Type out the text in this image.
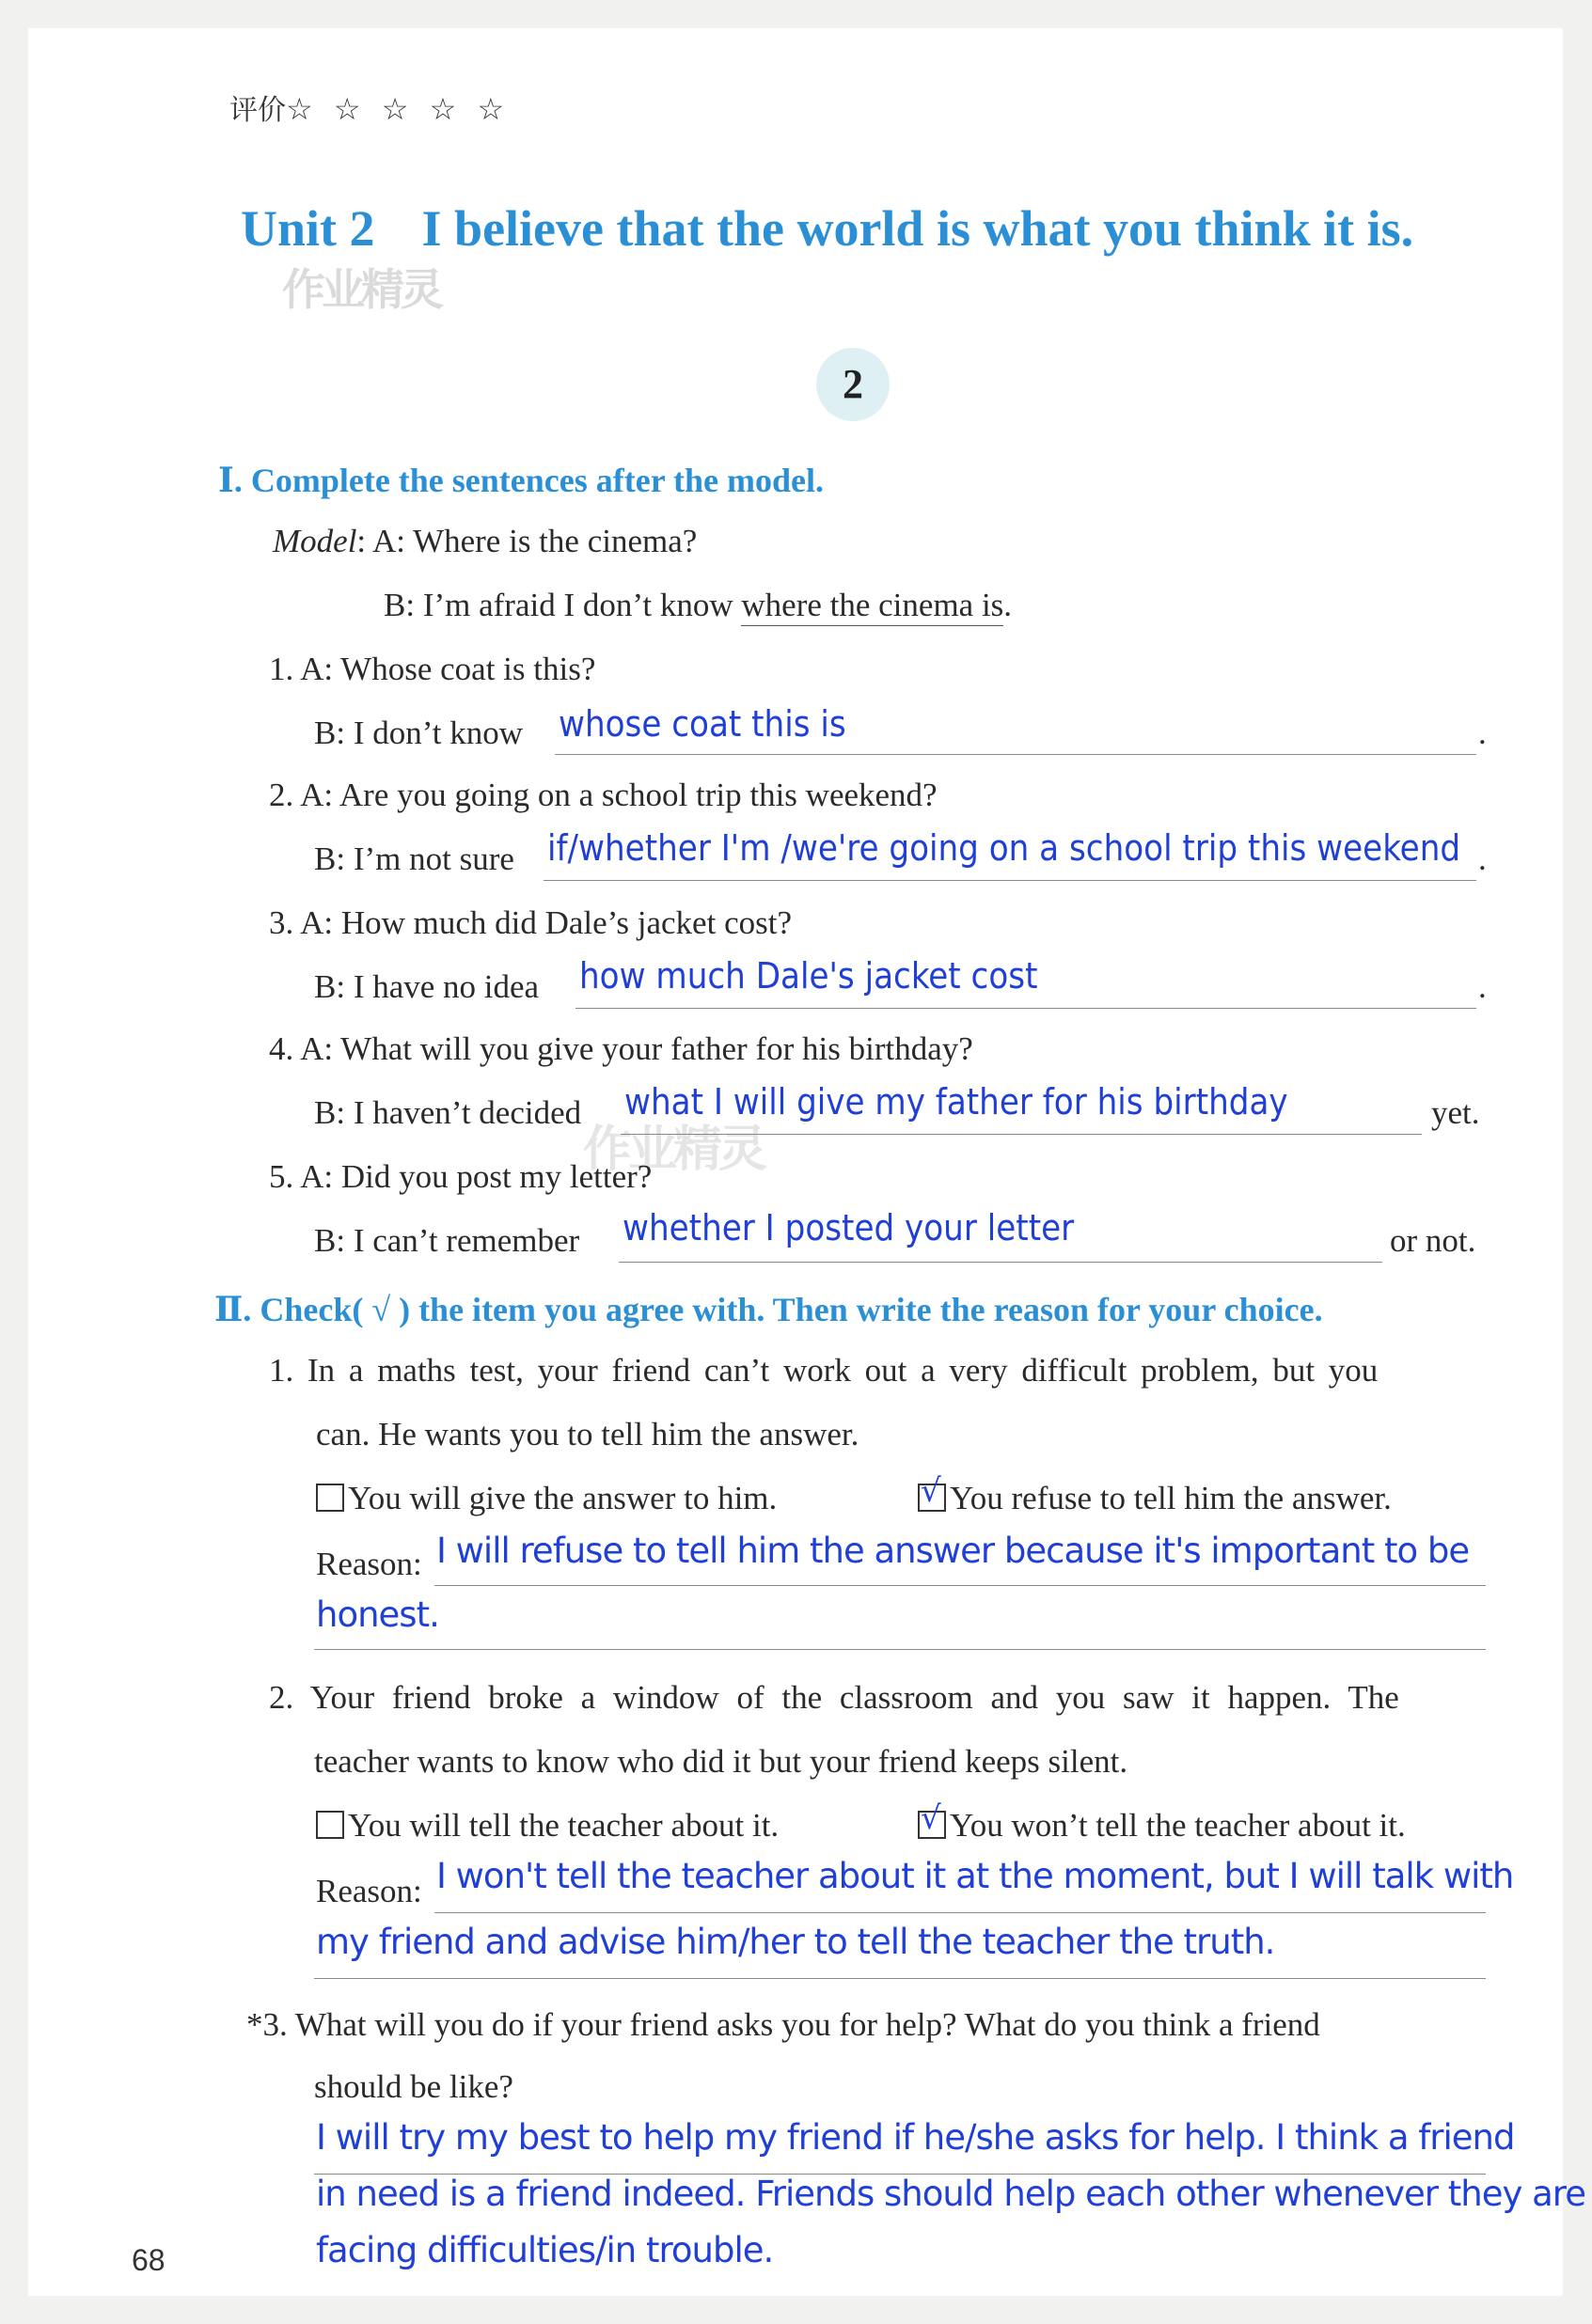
评价☆ ☆ ☆ ☆ ☆
Unit 2 I believe that the world is what you think it is.
作业精灵
作业精灵
2
Ⅰ. Complete the sentences after the model.
Model: A: Where is the cinema?
B: I’m afraid I don’t know where the cinema is.
1. A: Whose coat is this?
B: I don’t know whose coat this is	.
2. A: Are you going on a school trip this weekend?
B: I’m not sure if/whether I'm /we're going on a school trip this weekend .
3. A: How much did Dale’s jacket cost?
B: I have no idea how much Dale's jacket cost	.
4. A: What will you give your father for his birthday?
B: I haven’t decided what I will give my father for his birthday	yet.
5. A: Did you post my letter?
B: I can’t remember whether I posted your letter	or not.
Ⅱ. Check( √ ) the item you agree with. Then write the reason for your choice.
1. In a maths test, your friend can’t work out a very difficult problem, but you
can. He wants you to tell him the answer.
You will give the answer to him.	√ You refuse to tell him the answer.
Reason: I will refuse to tell him the answer because it's important to be
honest.
2. Your friend broke a window of the classroom and you saw it happen. The
teacher wants to know who did it but your friend keeps silent.
You will tell the teacher about it.	√ You won’t tell the teacher about it.
Reason: I won't tell the teacher about it at the moment, but I will talk with
my friend and advise him/her to tell the teacher the truth.
*3. What will you do if your friend asks you for help? What do you think a friend
should be like?
I will try my best to help my friend if he/she asks for help. I think a friend
in need is a friend indeed. Friends should help each other whenever they are
facing difficulties/in trouble.
68
